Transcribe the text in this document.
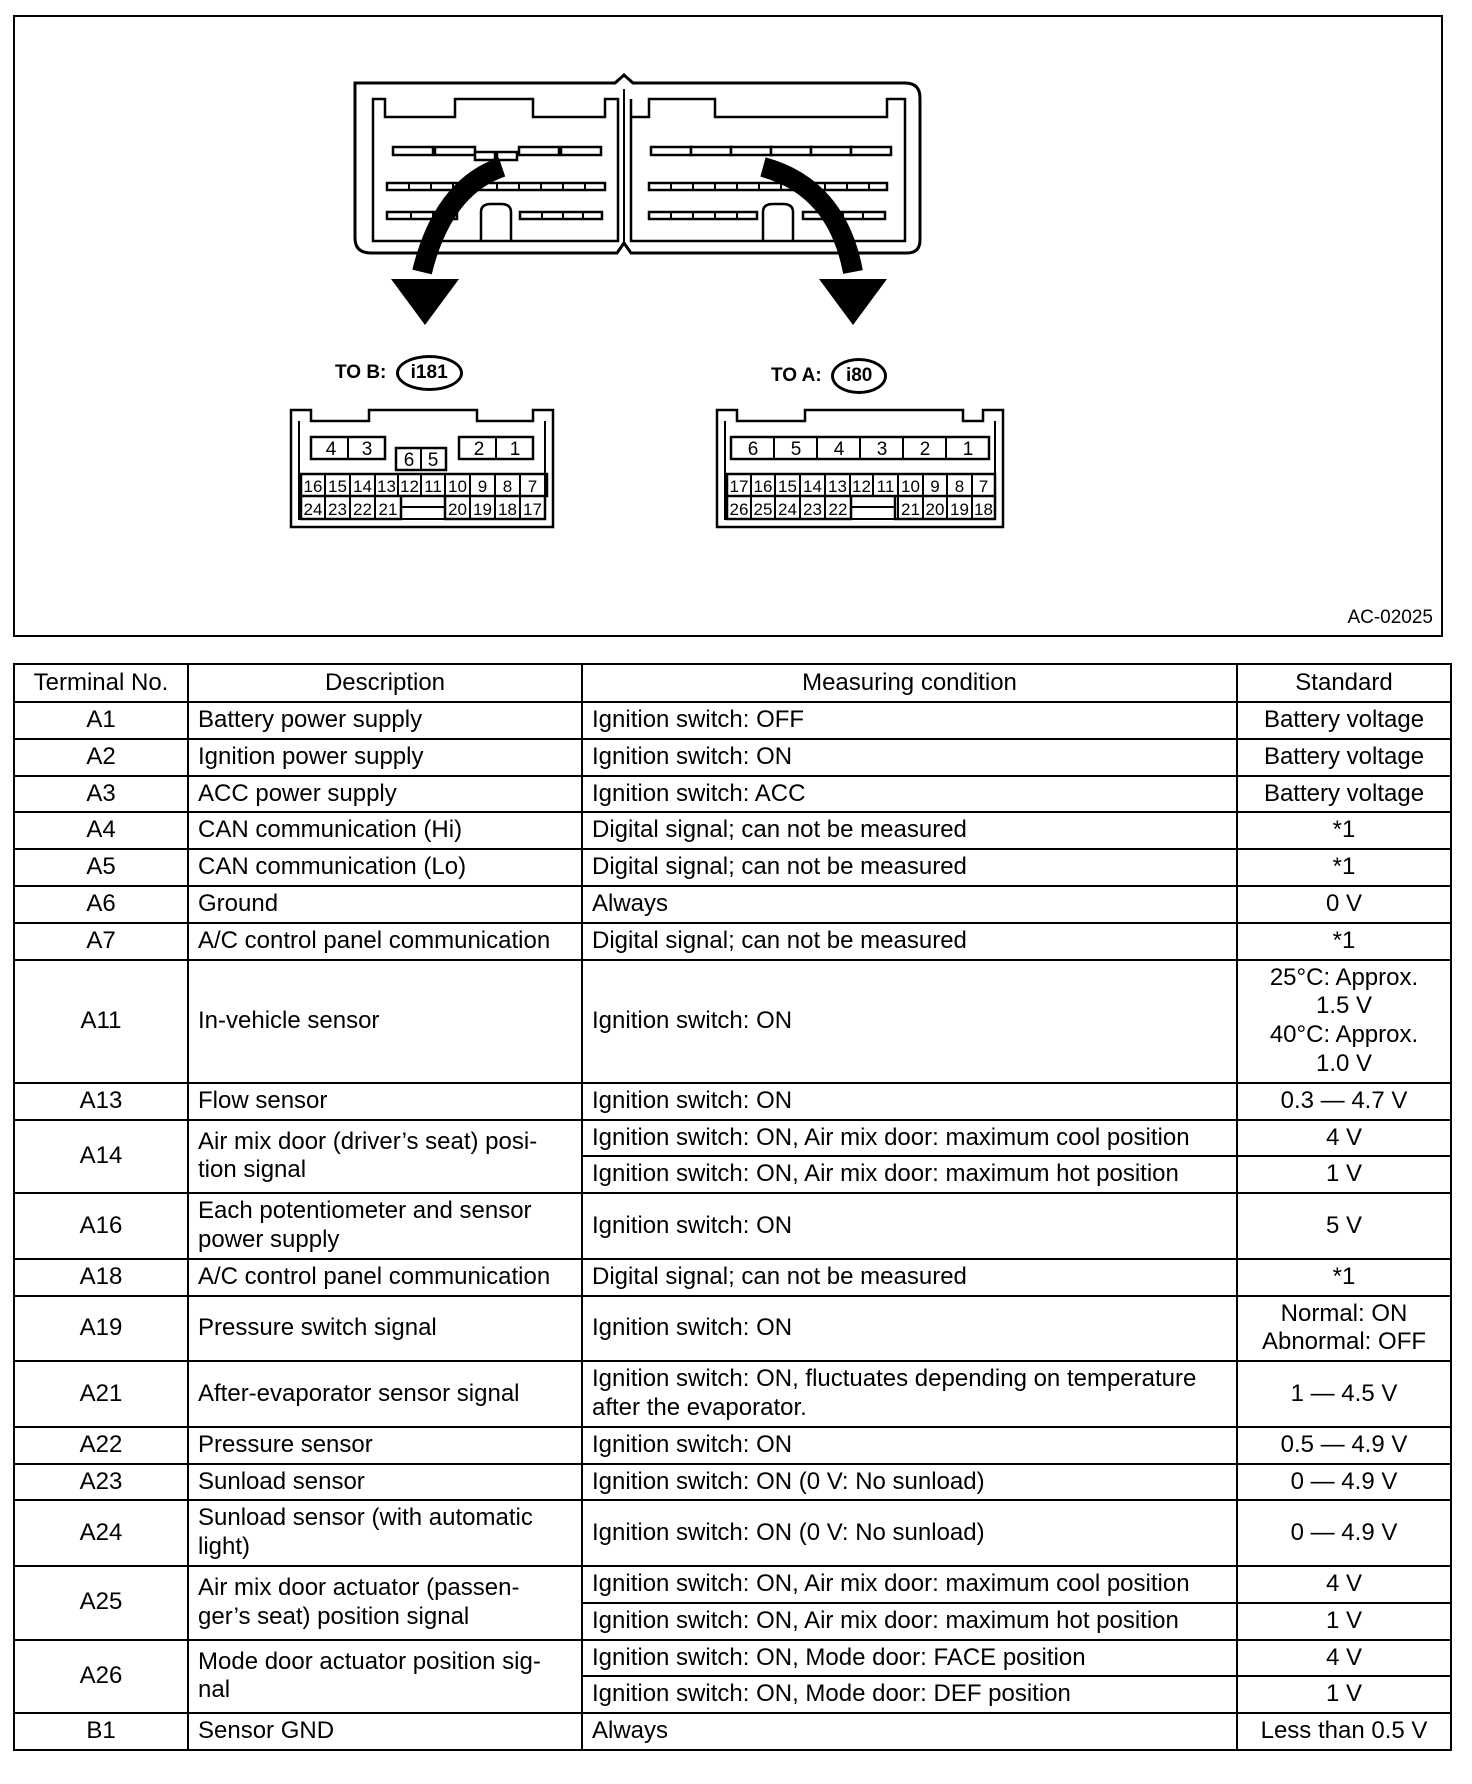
TO B: i181	TO A: i80
4	3
6 5
2	1
16 15 14 13 12 11 10 9 8 7
24 23 22 21	20 19 18 17
6	5	4	3	2	1
17 16 15 14 13 12 11 10 9 8 7
26 25 24 23 22	21 20 19 18
AC-02025
Terminal No.	Description	Measuring condition	Standard
A1	Battery power supply	Ignition switch: OFF	Battery voltage
A2	Ignition power supply	Ignition switch: ON	Battery voltage
A3	ACC power supply	Ignition switch: ACC	Battery voltage
A4	CAN communication (Hi)	Digital signal; can not be measured	*1
A5	CAN communication (Lo)	Digital signal; can not be measured	*1
A6	Ground	Always	0 V
A7	A/C control panel communication	Digital signal; can not be measured	*1
A11	In-vehicle sensor	Ignition switch: ON	25°C: Approx.
1.5 V
40°C: Approx.
1.0 V
A13	Flow sensor	Ignition switch: ON	0.3 — 4.7 V
A14	Air mix door (driver’s seat) posi-
tion signal	Ignition switch: ON, Air mix door: maximum cool position	4 V
		Ignition switch: ON, Air mix door: maximum hot position	1 V
A16	Each potentiometer and sensor
power supply	Ignition switch: ON	5 V
A18	A/C control panel communication	Digital signal; can not be measured	*1
A19	Pressure switch signal	Ignition switch: ON	Normal: ON
Abnormal: OFF
A21	After-evaporator sensor signal	Ignition switch: ON, fluctuates depending on temperature
after the evaporator.	1 — 4.5 V
A22	Pressure sensor	Ignition switch: ON	0.5 — 4.9 V
A23	Sunload sensor	Ignition switch: ON (0 V: No sunload)	0 — 4.9 V
A24	Sunload sensor (with automatic
light)	Ignition switch: ON (0 V: No sunload)	0 — 4.9 V
A25	Air mix door actuator (passen-
ger’s seat) position signal	Ignition switch: ON, Air mix door: maximum cool position	4 V
		Ignition switch: ON, Air mix door: maximum hot position	1 V
A26	Mode door actuator position sig-
nal	Ignition switch: ON, Mode door: FACE position	4 V
		Ignition switch: ON, Mode door: DEF position	1 V
B1	Sensor GND	Always	Less than 0.5 V
